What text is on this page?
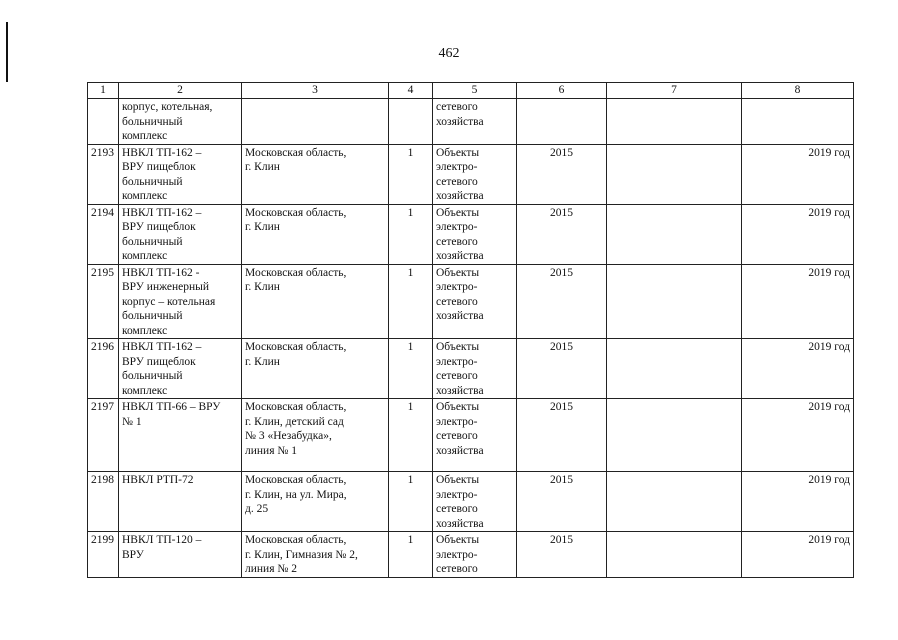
462
1	2	3	4	5	6	7	8

	корпус, котельная,
больничный
комплекс			сетевого
хозяйства			

2193	НВКЛ ТП-162 –
ВРУ пищеблок
больничный
комплекс	Московская область,
г. Клин	1	Объекты
электро-
сетевого
хозяйства	2015		2019 год
2194	НВКЛ ТП-162 –
ВРУ пищеблок
больничный
комплекс	Московская область,
г. Клин	1	Объекты
электро-
сетевого
хозяйства	2015		2019 год
2195	НВКЛ ТП-162 -
ВРУ инженерный
корпус – котельная
больничный
комплекс	Московская область,
г. Клин	1	Объекты
электро-
сетевого
хозяйства	2015		2019 год
2196	НВКЛ ТП-162 –
ВРУ пищеблок
больничный
комплекс	Московская область,
г. Клин	1	Объекты
электро-
сетевого
хозяйства	2015		2019 год
2197	НВКЛ ТП-66 – ВРУ
№ 1	Московская область,
г. Клин, детский сад
№ 3 «Незабудка»,
линия № 1	1	Объекты
электро-
сетевого
хозяйства	2015		2019 год
2198	НВКЛ РТП-72	Московская область,
г. Клин, на ул. Мира,
д. 25	1	Объекты
электро-
сетевого
хозяйства	2015		2019 год
2199	НВКЛ ТП-120 –
ВРУ	Московская область,
г. Клин, Гимназия № 2,
линия № 2	1	Объекты
электро-
сетевого	2015		2019 год
